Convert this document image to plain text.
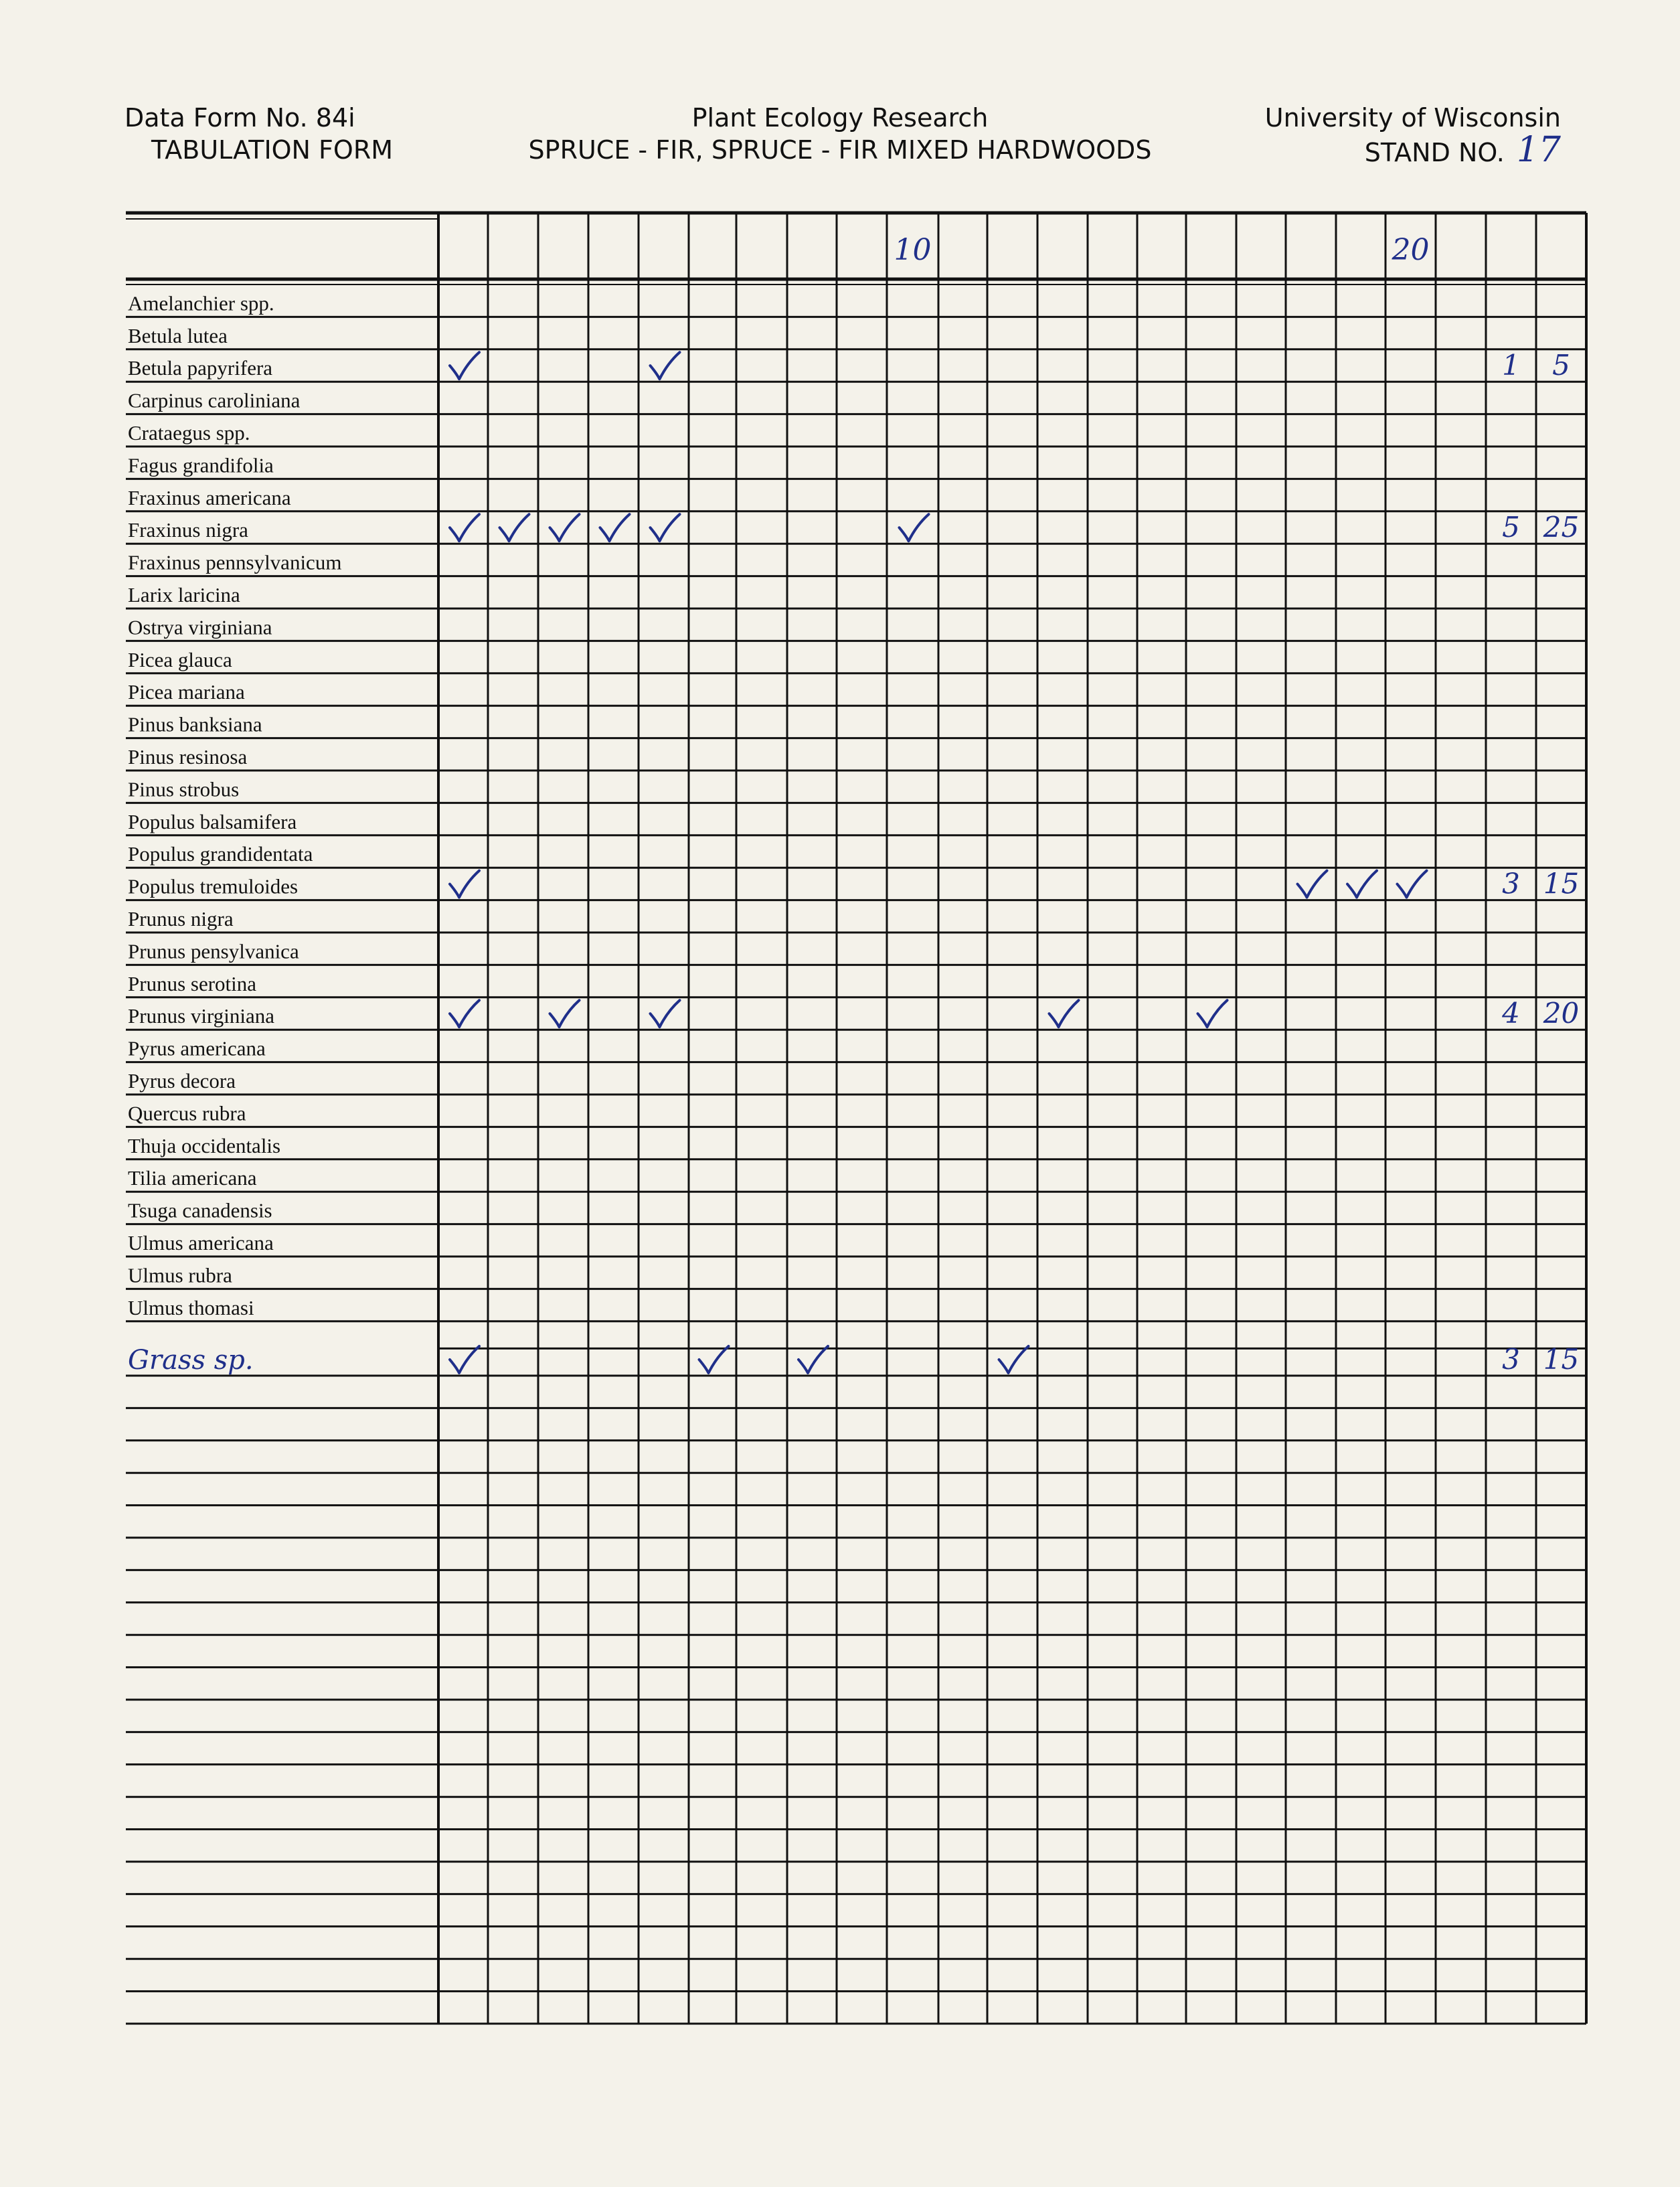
Data Form No. 84i
TABULATION FORM
Plant Ecology Research
SPRUCE - FIR, SPRUCE - FIR MIXED HARDWOODS
University of Wisconsin
STAND NO. 17
10	20
Amelanchier spp.
Betula lutea
Betula papyrifera	1 5
Carpinus caroliniana
Crataegus spp.
Fagus grandifolia
Fraxinus americana
Fraxinus nigra	5 25
Fraxinus pennsylvanicum
Larix laricina
Ostrya virginiana
Picea glauca
Picea mariana
Pinus banksiana
Pinus resinosa
Pinus strobus
Populus balsamifera
Populus grandidentata
Populus tremuloides	3 15
Prunus nigra
Prunus pensylvanica
Prunus serotina
Prunus virginiana	4 20
Pyrus americana
Pyrus decora
Quercus rubra
Thuja occidentalis
Tilia americana
Tsuga canadensis
Ulmus americana
Ulmus rubra
Ulmus thomasi
Grass sp.	3 15
